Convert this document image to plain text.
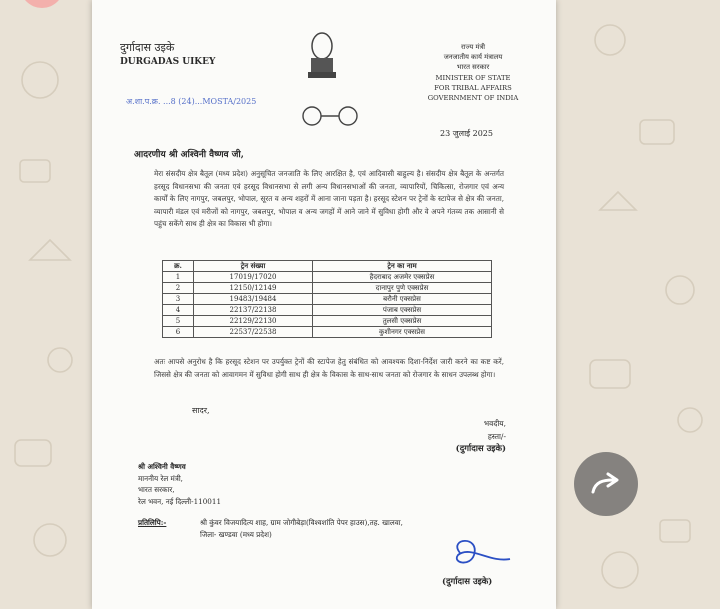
दुर्गादास उइके
DURGADAS UIKEY
अ.शा.प.क्र. ...8 (24)...MOSTA/2025
राज्य मंत्री
जनजातीय कार्य मंत्रालय
भारत सरकार
MINISTER OF STATE
FOR TRIBAL AFFAIRS
GOVERNMENT OF INDIA
23 जुलाई 2025
आदरणीय श्री अश्विनी वैष्णव जी,
मेरा संसदीय क्षेत्र बैतूल (मध्य प्रदेश) अनुसूचित जनजाति के लिए आरक्षित है, एवं आदिवासी बाहुल्य है। संसदीय क्षेत्र बैतूल के अन्तर्गत हरसूद विधानसभा की जनता एवं हरसूद विधानसभा से लगी अन्य विधानसभाओं की जनता, व्यापारियों, चिकित्सा, रोजगार एवं अन्य कार्यों के लिए नागपुर, जबलपुर, भोपाल, सूरत व अन्य शहरों में आना जाना पड़ता है। हरसूद स्टेशन पर ट्रेनों के स्टापेज से क्षेत्र की जनता, व्यापारी मंडल एवं मरीजों को नागपुर, जबलपुर, भोपाल व अन्य जगहों में आने जाने में सुविधा होगी और वे अपने गंतव्य तक आसानी से पहुंच सकेंगे साथ ही क्षेत्र का विकास भी होगा।
क्र.	ट्रेन संख्या	ट्रेन का नाम
1	17019/17020	हैदराबाद अजमेर एक्सप्रेस
2	12150/12149	दानापुर पुणे एक्सप्रेस
3	19483/19484	बरौनी एक्सप्रेस
4	22137/22138	पंजाब एक्सप्रेस
5	22129/22130	तुलसी एक्सप्रेस
6	22537/22538	कुशीनगर एक्सप्रेस
अतः आपसे अनुरोध है कि हरसूद स्टेशन पर उपर्युक्त ट्रेनों की स्टापेज हेतु संबंधित को आवश्यक दिशा-निर्देश जारी करने का कष्ट करें, जिससे क्षेत्र की जनता को आवागमन में सुविधा होगी साथ ही क्षेत्र के विकास के साथ-साथ जनता को रोजगार के साधन उपलब्ध होगा।
सादर,
भवदीय,
हस्ता/-
(दुर्गादास उइके)
श्री अश्विनी वैष्णव
माननीय रेल मंत्री,
भारत सरकार,
रेल भवन, नई दिल्ली-110011
प्रतिलिपि:-	श्री कुंवर विजयादित्य शाह, ग्राम जोगीबेड़ा(विश्वशांति पेपर हाउस),तह. खालवा,
जिला- खण्डवा (मध्य प्रदेश)
(दुर्गादास उइके)
